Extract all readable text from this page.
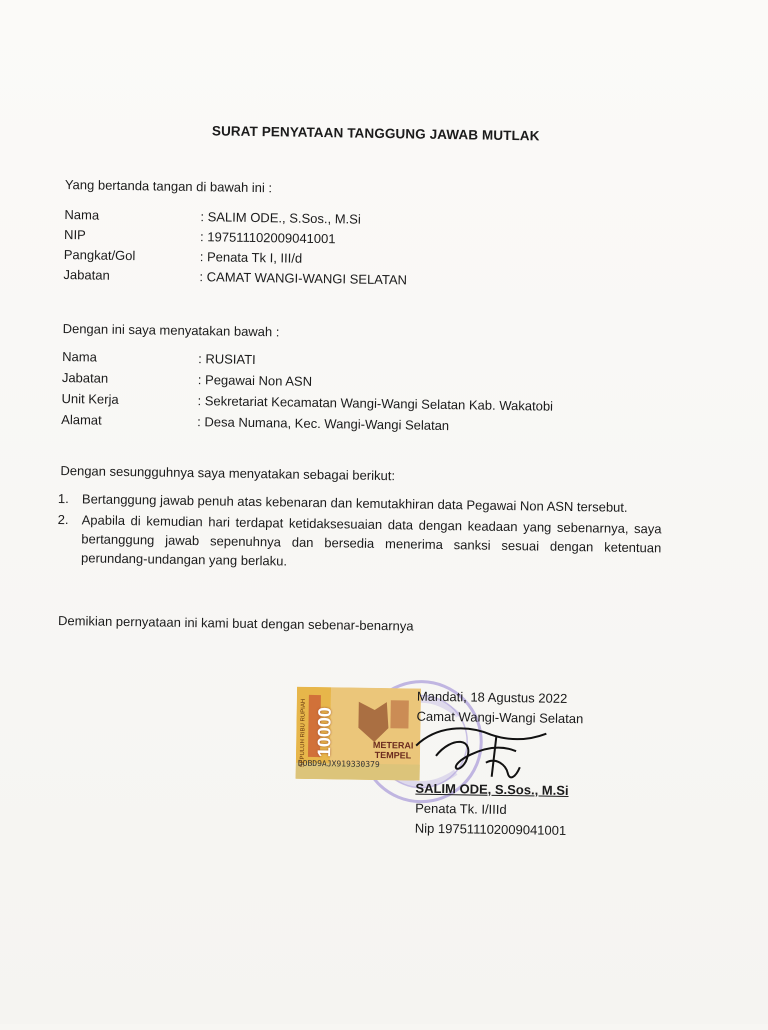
SURAT PENYATAAN TANGGUNG JAWAB MUTLAK
Yang bertanda tangan di bawah ini :
Nama	: SALIM ODE., S.Sos., M.Si
NIP	: 197511102009041001
Pangkat/Gol	: Penata Tk I, III/d
Jabatan	: CAMAT WANGI-WANGI SELATAN
Dengan ini saya menyatakan bawah :
Nama	: RUSIATI
Jabatan	: Pegawai Non ASN
Unit Kerja	: Sekretariat Kecamatan Wangi-Wangi Selatan Kab. Wakatobi
Alamat	: Desa Numana, Kec. Wangi-Wangi Selatan
Dengan sesungguhnya saya menyatakan sebagai berikut:
1. Bertanggung jawab penuh atas kebenaran dan kemutakhiran data Pegawai Non ASN tersebut.
2. Apabila di kemudian hari terdapat ketidaksesuaian data dengan keadaan yang sebenarnya, saya bertanggung jawab sepenuhnya dan bersedia menerima sanksi sesuai dengan ketentuan perundang-undangan yang berlaku.
Demikian pernyataan ini kami buat dengan sebenar-benarnya
DOBD9AJX919330379
SEPULUH RIBU RUPIAH 10000	METERAI TEMPEL
Mandati, 18 Agustus 2022
Camat Wangi-Wangi Selatan
SALIM ODE, S.Sos., M.Si
Penata Tk. I/IIId
Nip 197511102009041001
